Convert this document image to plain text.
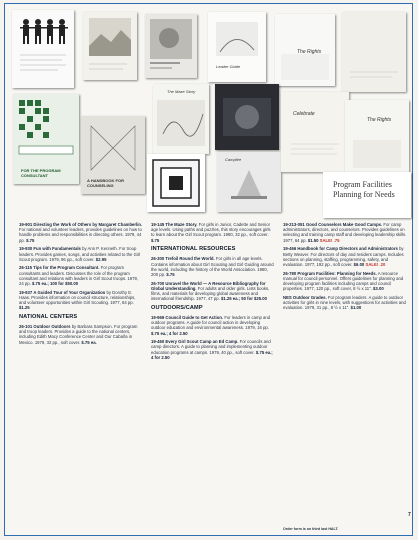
Leader Guide
The Rights
FOR THE PROGRAM CONSULTANT
A HANDBOOK FOR COUNSELING
The Maze Story
Campfire
Celebrate
The Rights
Program Facilities Planning for Needs
19-901 Directing the Work of Others by Margaret Chamberlin. For national and volunteer leaders, provides guidelines on how to handle problems and responsibilities in directing others. 1979, 44 pp. $.75
19-930 Fun with Fundamentals by Ann P. Kenneth. For troop leaders. Provides games, songs, and activities related to the Girl Scout program. 1979, 96 pp., soft cover. $2.95
26-115 Tips for the Program Consultant. For program consultants and leaders. Discusses the role of the program consultant and relations with leaders in Girl Scout troops. 1979, 24 pp. $.75 ea.; 100 for $50.00
19-937 A Guided Tour of Your Organization by Dorothy E. Haas. Provides information on council structure, relationships, and volunteer opportunities within Girl Scouting. 1977, 64 pp. $1.25
NATIONAL CENTERS
26-101 Outdoor Outdoors by Barbara Sampson. For program and troop leaders. Provides a guide to the national centers, including Edith Macy Conference Center and Our Cabaña in Mexico. 1979, 32 pp., soft cover. $.75 ea.
19-145 The Maze Story. For girls in Junior, Cadette and Senior age levels. Using paths and puzzles, this story encourages girls to learn about the Girl Scout program. 1980, 32 pp., soft cover. $.75
INTERNATIONAL RESOURCES
26-300 Trefoil Round the World. For girls in all age levels. Contains information about Girl Scouting and Girl Guiding around the world, including the history of the World Association. 1980, 200 pp. $.75
26-700 Unravel the World — A Resource Bibliography for Global Understanding. For adults and older girls. Lists books, films, and materials for developing global awareness and international friendship. 1977, 47 pp. $1.25 ea.; 50 for $25.00
OUTDOORS/CAMP
19-969 Council Guide to Get Action. For leaders in camp and outdoor programs. A guide for council action in developing outdoor education and environmental awareness. 1979, 16 pp. $.75 ea.; 4 for 2.50
19-460 Every Girl Scout Camp an Ed Camp. For councils and camp directors. A guide to planning and implementing outdoor education programs at camps. 1979, 40 pp., soft cover. $.75 ea.; 4 for 2.50
19-213-051 Good Counselors Make Good Camps. For camp administrators, directors, and counselors. Provides guidelines on selecting and training camp staff and developing leadership skills. 1977, 64 pp. $1.50 SALE! .75
19-466 Handbook for Camp Directors and Administrators by Betty Weaver. For directors of day and resident camps. Includes sections on planning, staffing, programming, safety, and evaluation. 1977, 192 pp., soft cover. $6.00 SALE! .20
26-780 Program Facilities: Planning for Needs. A resource manual for council personnel. Offers guidelines for planning and developing program facilities including camps and council properties. 1977, 120 pp., soft cover, 8 ½ x 11". $3.00
NES Outdoor Grades. For program leaders. A guide to outdoor activities for girls in nine levels, with suggestions for activities and evaluation. 1979, 31 pp., 8 ½ x 11". $1.00
Order form is on third last HALT.
7
